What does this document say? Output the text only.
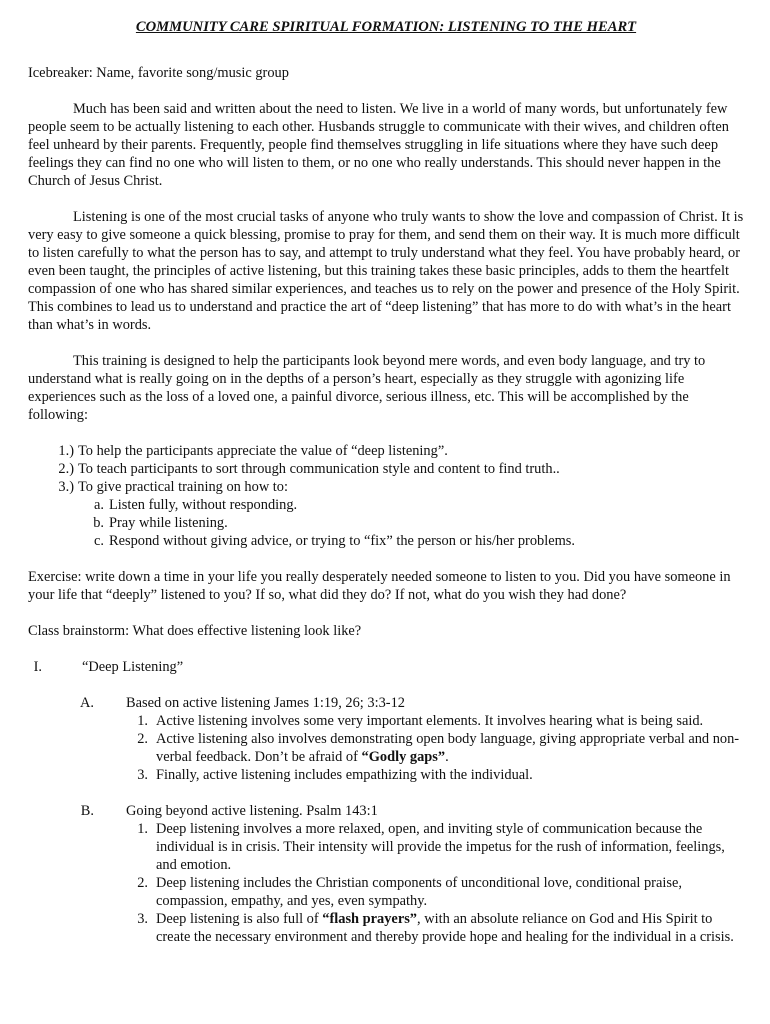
COMMUNITY CARE SPIRITUAL FORMATION: LISTENING TO THE HEART

Icebreaker: Name, favorite song/music group

Much has been said and written about the need to listen. We live in a world of many words, but unfortunately few people seem to be actually listening to each other. Husbands struggle to communicate with their wives, and children often feel unheard by their parents. Frequently, people find themselves struggling in life situations where they have such deep feelings they can find no one who will listen to them, or no one who really understands. This should never happen in the Church of Jesus Christ.

Listening is one of the most crucial tasks of anyone who truly wants to show the love and compassion of Christ. It is very easy to give someone a quick blessing, promise to pray for them, and send them on their way. It is much more difficult to listen carefully to what the person has to say, and attempt to truly understand what they feel. You have probably heard, or even been taught, the principles of active listening, but this training takes these basic principles, adds to them the heartfelt compassion of one who has shared similar experiences, and teaches us to rely on the power and presence of the Holy Spirit. This combines to lead us to understand and practice the art of “deep listening” that has more to do with what’s in the heart than what’s in words.

This training is designed to help the participants look beyond mere words, and even body language, and try to understand what is really going on in the depths of a person’s heart, especially as they struggle with agonizing life experiences such as the loss of a loved one, a painful divorce, serious illness, etc. This will be accomplished by the following:

1.) To help the participants appreciate the value of “deep listening”.
2.) To teach participants to sort through communication style and content to find truth..
3.) To give practical training on how to:
a. Listen fully, without responding.
b. Pray while listening.
c. Respond without giving advice, or trying to “fix” the person or his/her problems.

Exercise: write down a time in your life you really desperately needed someone to listen to you. Did you have someone in your life that “deeply” listened to you? If so, what did they do? If not, what do you wish they had done?

Class brainstorm: What does effective listening look like?

I.	“Deep Listening”
A.	Based on active listening James 1:19, 26; 3:3-12
1. Active listening involves some very important elements. It involves hearing what is being said.
2. Active listening also involves demonstrating open body language, giving appropriate verbal and non-verbal feedback. Don’t be afraid of “Godly gaps”.
3. Finally, active listening includes empathizing with the individual.
B.	Going beyond active listening. Psalm 143:1
1. Deep listening involves a more relaxed, open, and inviting style of communication because the individual is in crisis. Their intensity will provide the impetus for the rush of information, feelings, and emotion.
2. Deep listening includes the Christian components of unconditional love, conditional praise, compassion, empathy, and yes, even sympathy.
3. Deep listening is also full of “flash prayers”, with an absolute reliance on God and His Spirit to create the necessary environment and thereby provide hope and healing for the individual in a crisis.
